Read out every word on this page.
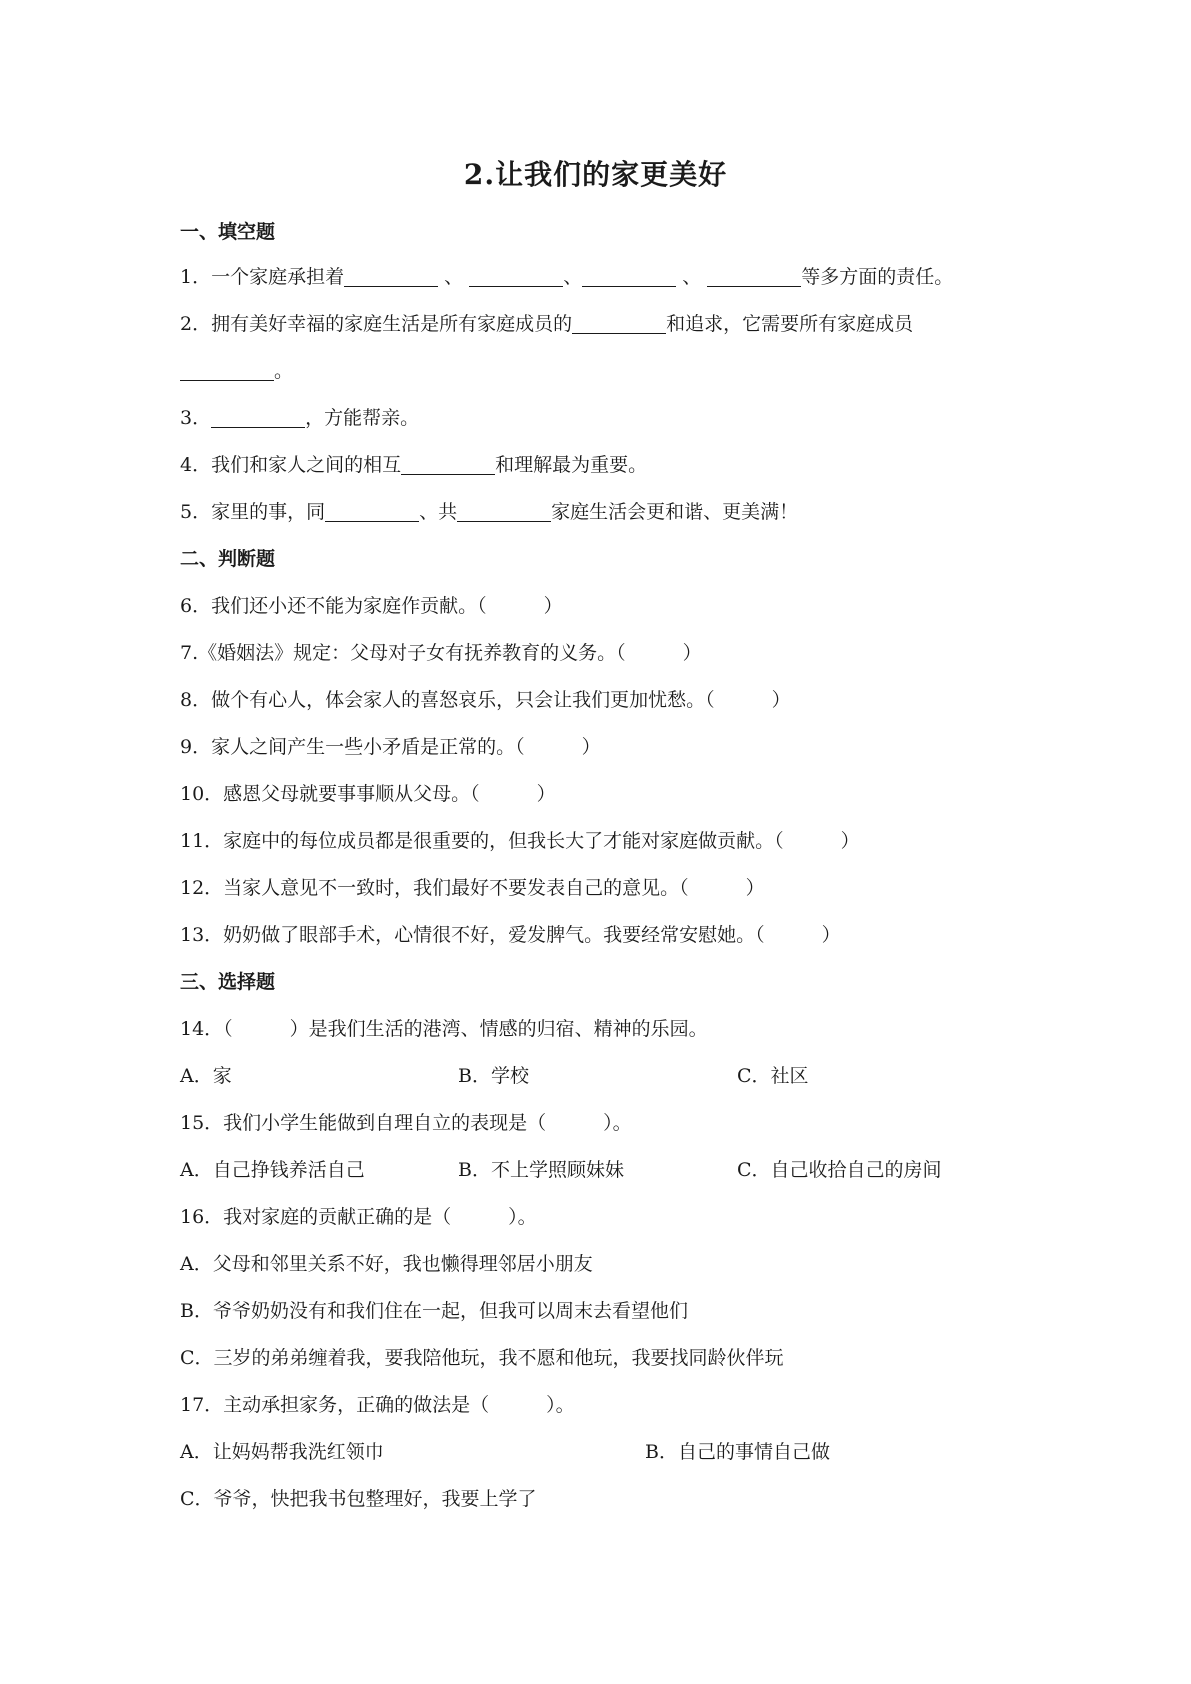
2.让我们的家更美好
一、填空题
1．一个家庭承担着	、	、	、	等多方面的责任。
2．拥有美好幸福的家庭生活是所有家庭成员的	和追求，它需要所有家庭成员
。
3．	，方能帮亲。
4．我们和家人之间的相互	和理解最为重要。
5．家里的事，同	、共	家庭生活会更和谐、更美满！
二、判断题
6．我们还小还不能为家庭作贡献。（　　　）
7.《婚姻法》规定：父母对子女有抚养教育的义务。（　　　）
8．做个有心人，体会家人的喜怒哀乐，只会让我们更加忧愁。（　　　）
9．家人之间产生一些小矛盾是正常的。（　　　）
10．感恩父母就要事事顺从父母。（　　　）
11．家庭中的每位成员都是很重要的，但我长大了才能对家庭做贡献。（　　　）
12．当家人意见不一致时，我们最好不要发表自己的意见。（　　　）
13．奶奶做了眼部手术，心情很不好，爱发脾气。我要经常安慰她。（　　　）
三、选择题
14．（　　　）是我们生活的港湾、情感的归宿、精神的乐园。
A．家	B．学校	C．社区
15．我们小学生能做到自理自立的表现是（　　　）。
A．自己挣钱养活自己	B．不上学照顾妹妹	C．自己收拾自己的房间
16．我对家庭的贡献正确的是（　　　）。
A．父母和邻里关系不好，我也懒得理邻居小朋友
B．爷爷奶奶没有和我们住在一起，但我可以周末去看望他们
C．三岁的弟弟缠着我，要我陪他玩，我不愿和他玩，我要找同龄伙伴玩
17．主动承担家务，正确的做法是（　　　）。
A．让妈妈帮我洗红领巾	B．自己的事情自己做
C．爷爷，快把我书包整理好，我要上学了
